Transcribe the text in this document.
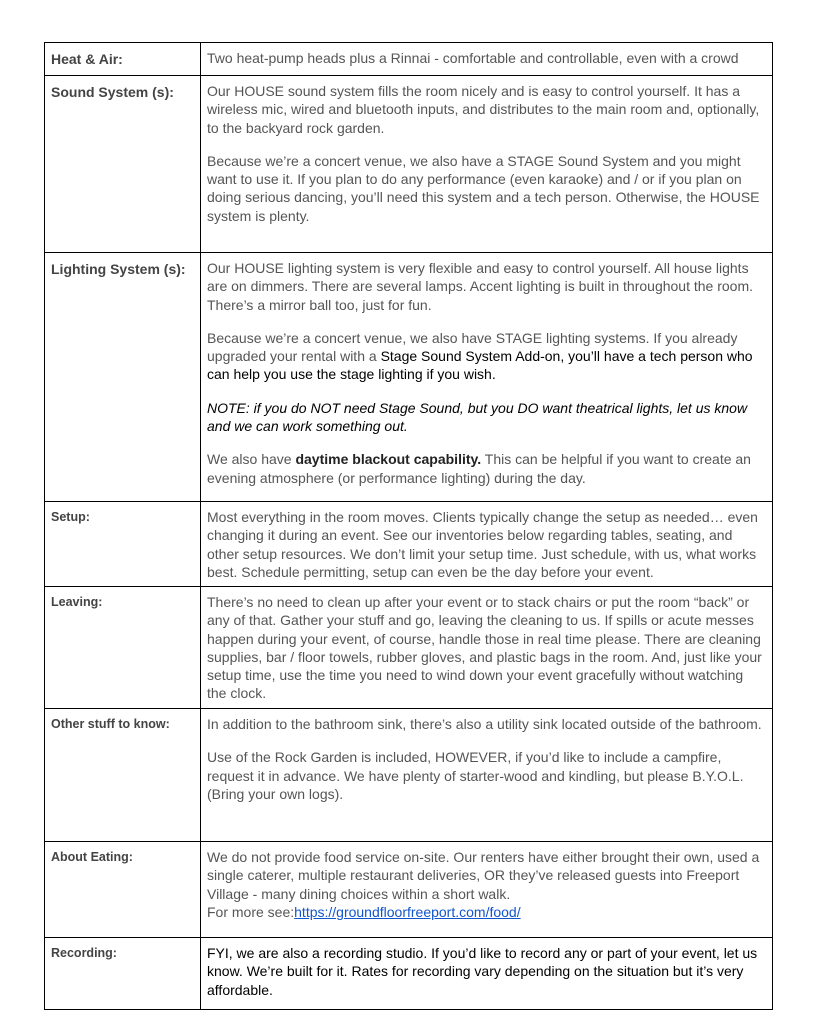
Heat & Air:	Two heat-pump heads plus a Rinnai - comfortable and controllable, even with a crowd

Sound System (s):	Our HOUSE sound system fills the room nicely and is easy to control yourself. It has a wireless mic, wired and bluetooth inputs, and distributes to the main room and, optionally, to the backyard rock garden.

Because we’re a concert venue, we also have a STAGE Sound System and you might want to use it. If you plan to do any performance (even karaoke) and / or if you plan on doing serious dancing, you’ll need this system and a tech person. Otherwise, the HOUSE system is plenty.

Lighting System (s):	Our HOUSE lighting system is very flexible and easy to control yourself. All house lights are on dimmers. There are several lamps. Accent lighting is built in throughout the room. There’s a mirror ball too, just for fun.

Because we’re a concert venue, we also have STAGE lighting systems. If you already upgraded your rental with a Stage Sound System Add-on, you’ll have a tech person who can help you use the stage lighting if you wish.

NOTE: if you do NOT need Stage Sound, but you DO want theatrical lights, let us know and we can work something out.

We also have daytime blackout capability. This can be helpful if you want to create an evening atmosphere (or performance lighting) during the day.

Setup:	Most everything in the room moves. Clients typically change the setup as needed… even changing it during an event. See our inventories below regarding tables, seating, and other setup resources. We don’t limit your setup time. Just schedule, with us, what works best. Schedule permitting, setup can even be the day before your event.

Leaving:	There’s no need to clean up after your event or to stack chairs or put the room “back” or any of that. Gather your stuff and go, leaving the cleaning to us. If spills or acute messes happen during your event, of course, handle those in real time please. There are cleaning supplies, bar / floor towels, rubber gloves, and plastic bags in the room. And, just like your setup time, use the time you need to wind down your event gracefully without watching the clock.

Other stuff to know:	In addition to the bathroom sink, there’s also a utility sink located outside of the bathroom.

Use of the Rock Garden is included, HOWEVER, if you’d like to include a campfire, request it in advance. We have plenty of starter-wood and kindling, but please B.Y.O.L. (Bring your own logs).

About Eating:	We do not provide food service on-site. Our renters have either brought their own, used a single caterer, multiple restaurant deliveries, OR they’ve released guests into Freeport Village - many dining choices within a short walk.
For more see:https://groundfloorfreeport.com/food/

Recording:	FYI, we are also a recording studio. If you’d like to record any or part of your event, let us know. We’re built for it. Rates for recording vary depending on the situation but it’s very affordable.
